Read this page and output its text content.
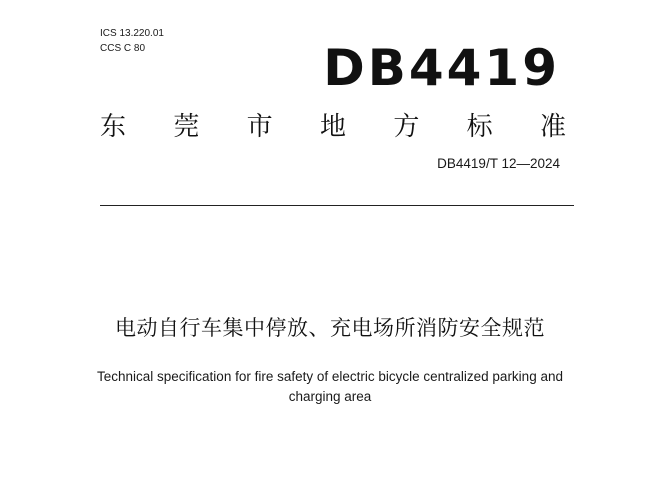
ICS 13.220.01
CCS C 80	DB4419
东 莞 市 地 方 标 准
DB4419/T 12—2024
电动自行车集中停放、充电场所消防安全规范
Technical specification for fire safety of electric bicycle centralized parking and
charging area
